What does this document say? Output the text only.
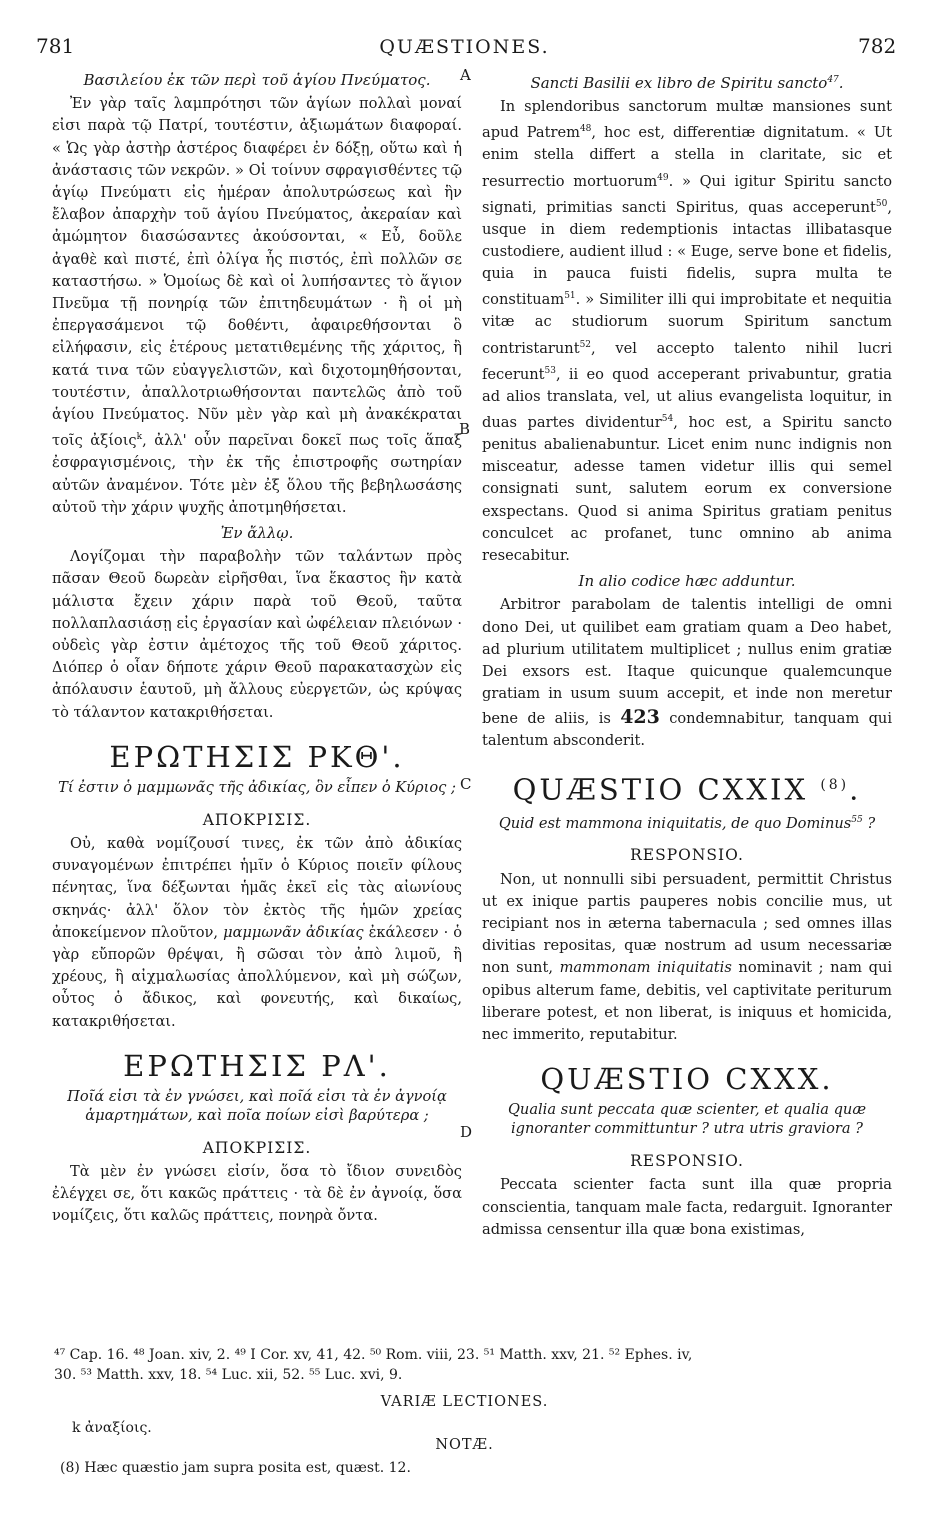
781	QUÆSTIONES.	782
A
B
C
D
Βασιλείου ἐκ τῶν περὶ τοῦ ἁγίου Πνεύματος.

Ἐν γὰρ ταῖς λαμπρότησι τῶν ἁγίων πολλαὶ μοναί εἰσι παρὰ τῷ Πατρί, τουτέστιν, ἀξιωμάτων διαφοραί. « Ὡς γὰρ ἀστὴρ ἀστέρος διαφέρει ἐν δόξῃ, οὕτω καὶ ἡ ἀνάστασις τῶν νεκρῶν. » Οἱ τοίνυν σφραγισθέντες τῷ ἁγίῳ Πνεύματι εἰς ἡμέραν ἀπολυτρώσεως καὶ ἣν ἔλαβον ἀπαρχὴν τοῦ ἁγίου Πνεύματος, ἀκεραίαν καὶ ἀμώμητον διασώσαντες ἀκούσονται, « Εὖ, δοῦλε ἀγαθὲ καὶ πιστέ, ἐπὶ ὀλίγα ἦς πιστός, ἐπὶ πολλῶν σε καταστήσω. » Ὁμοίως δὲ καὶ οἱ λυπήσαντες τὸ ἅγιον Πνεῦμα τῇ πονηρίᾳ τῶν ἐπιτηδευμάτων · ἢ οἱ μὴ ἐπεργασάμενοι τῷ δοθέντι, ἀφαιρεθήσονται ὃ εἰλήφασιν, εἰς ἑτέρους μετατιθεμένης τῆς χάριτος, ἢ κατά τινα τῶν εὐαγγελιστῶν, καὶ διχοτομηθήσονται, τουτέστιν, ἀπαλλοτριωθήσονται παντελῶς ἀπὸ τοῦ ἁγίου Πνεύματος. Νῦν μὲν γὰρ καὶ μὴ ἀνακέκραται τοῖς ἀξίοις$^k$, ἀλλ' οὖν παρεῖναι δοκεῖ πως τοῖς ἅπαξ ἐσφραγισμένοις, τὴν ἐκ τῆς ἐπιστροφῆς σωτηρίαν αὐτῶν ἀναμένον. Τότε μὲν ἐξ ὅλου τῆς βεβηλωσάσης αὐτοῦ τὴν χάριν ψυχῆς ἀποτμηθήσεται.

Ἐν ἄλλῳ.

Λογίζομαι τὴν παραβολὴν τῶν ταλάντων πρὸς πᾶσαν Θεοῦ δωρεὰν εἰρῆσθαι, ἵνα ἕκαστος ἣν κατὰ μάλιστα ἔχειν χάριν παρὰ τοῦ Θεοῦ, ταῦτα πολλαπλασιάσῃ εἰς ἐργασίαν καὶ ὠφέλειαν πλειόνων · οὐδεὶς γὰρ ἐστιν ἀμέτοχος τῆς τοῦ Θεοῦ χάριτος. Διόπερ ὁ οἷαν δήποτε χάριν Θεοῦ παρακατασχὼν εἰς ἀπόλαυσιν ἑαυτοῦ, μὴ ἄλλους εὐεργετῶν, ὡς κρύψας τὸ τάλαντον κατακριθήσεται.

ΕΡΩΤΗΣΙΣ ΡΚΘ'.
Τί ἐστιν ὁ μαμμωνᾶς τῆς ἀδικίας, ὃν εἶπεν ὁ Κύριος ;
ΑΠΟΚΡΙΣΙΣ.

Οὐ, καθὰ νομίζουσί τινες, ἐκ τῶν ἀπὸ ἀδικίας συναγομένων ἐπιτρέπει ἡμῖν ὁ Κύριος ποιεῖν φίλους πένητας, ἵνα δέξωνται ἡμᾶς ἐκεῖ εἰς τὰς αἰωνίους σκηνάς· ἀλλ' ὅλον τὸν ἐκτὸς τῆς ἡμῶν χρείας ἀποκείμενον πλοῦτον, μαμμωνᾶν ἀδικίας ἐκάλεσεν · ὁ γὰρ εὔπορῶν θρέψαι, ἢ σῶσαι τὸν ἀπὸ λιμοῦ, ἢ χρέους, ἢ αἰχμαλωσίας ἀπολλύμενον, καὶ μὴ σώζων, οὗτος ὁ ἄδικος, καὶ φονευτής, καὶ δικαίως, κατακριθήσεται.

ΕΡΩΤΗΣΙΣ ΡΛ'.
Ποῖά εἰσι τὰ ἐν γνώσει, καὶ ποῖά εἰσι τὰ ἐν ἀγνοίᾳ ἁμαρτημάτων, καὶ ποῖα ποίων εἰσὶ βαρύτερα ;
ΑΠΟΚΡΙΣΙΣ.

Τὰ μὲν ἐν γνώσει εἰσίν, ὅσα τὸ ἴδιον συνειδὸς ἐλέγχει σε, ὅτι κακῶς πράττεις · τὰ δὲ ἐν ἀγνοίᾳ, ὅσα νομίζεις, ὅτι καλῶς πράττεις, πονηρὰ ὄντα.

Sancti Basilii ex libro de Spiritu sancto$^{47}$.

In splendoribus sanctorum multæ mansiones sunt apud Patrem$^{48}$, hoc est, differentiæ dignitatum. « Ut enim stella differt a stella in claritate, sic et resurrectio mortuorum$^{49}$. » Qui igitur Spiritu sancto signati, primitias sancti Spiritus, quas acceperunt$^{50}$, usque in diem redemptionis intactas illibatasque custodiere, audient illud : « Euge, serve bone et fidelis, quia in pauca fuisti fidelis, supra multa te constituam$^{51}$. » Similiter illi qui improbitate et nequitia vitæ ac studiorum suorum Spiritum sanctum contristarunt$^{52}$, vel accepto talento nihil lucri fecerunt$^{53}$, ii eo quod acceperant privabuntur, gratia ad alios translata, vel, ut alius evangelista loquitur, in duas partes dividentur$^{54}$, hoc est, a Spiritu sancto penitus abalienabuntur. Licet enim nunc indignis non misceatur, adesse tamen videtur illis qui semel consignati sunt, salutem eorum ex conversione exspectans. Quod si anima Spiritus gratiam penitus conculcet ac profanet, tunc omnino ab anima resecabitur.

In alio codice hæc adduntur.

Arbitror parabolam de talentis intelligi de omni dono Dei, ut quilibet eam gratiam quam a Deo habet, ad plurium utilitatem multiplicet ; nullus enim gratiæ Dei exsors est. Itaque quicunque qualemcunque gratiam in usum suum accepit, et inde non meretur bene de aliis, is 423 condemnabitur, tanquam qui talentum absconderit.

QUÆSTIO CXXIX $^{(8)}$.
Quid est mammona iniquitatis, de quo Dominus$^{55}$ ?
RESPONSIO.

Non, ut nonnulli sibi persuadent, permittit Christus ut ex inique partis pauperes nobis concilie mus, ut recipiant nos in æterna tabernacula ; sed omnes illas divitias repositas, quæ nostrum ad usum necessariæ non sunt, mammonam iniquitatis nominavit ; nam qui opibus alterum fame, debitis, vel captivitate periturum liberare potest, et non liberat, is iniquus et homicida, nec immerito, reputabitur.

QUÆSTIO CXXX.
Qualia sunt peccata quæ scienter, et qualia quæ ignoranter committuntur ? utra utris graviora ?
RESPONSIO.

Peccata scienter facta sunt illa quæ propria conscientia, tanquam male facta, redarguit. Ignoranter admissa censentur illa quæ bona existimas,

⁴⁷ Cap. 16. ⁴⁸ Joan. xiv, 2. ⁴⁹ I Cor. xv, 41, 42. ⁵⁰ Rom. viii, 23. ⁵¹ Matth. xxv, 21. ⁵² Ephes. iv,
30. ⁵³ Matth. xxv, 18. ⁵⁴ Luc. xii, 52. ⁵⁵ Luc. xvi, 9.
VARIÆ LECTIONES.
k ἀναξίοις.
NOTÆ.
(8) Hæc quæstio jam supra posita est, quæst. 12.
